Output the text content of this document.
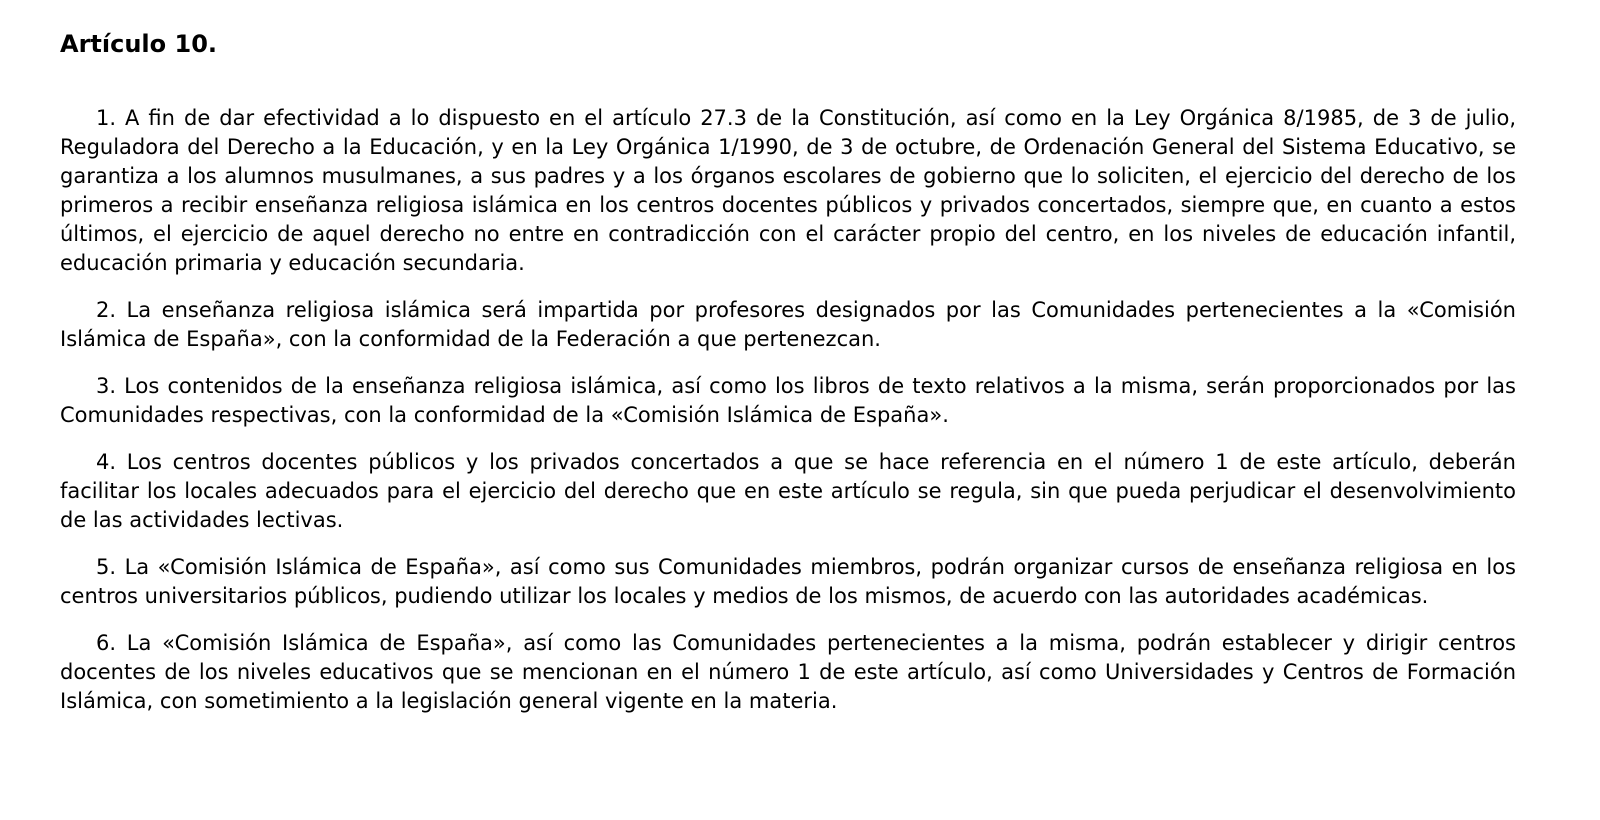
Artículo 10.

1. A fin de dar efectividad a lo dispuesto en el artículo 27.3 de la Constitución, así como en la Ley Orgánica 8/1985, de 3 de julio, Reguladora del Derecho a la Educación, y en la Ley Orgánica 1/1990, de 3 de octubre, de Ordenación General del Sistema Educativo, se garantiza a los alumnos musulmanes, a sus padres y a los órganos escolares de gobierno que lo soliciten, el ejercicio del derecho de los primeros a recibir enseñanza religiosa islámica en los centros docentes públicos y privados concertados, siempre que, en cuanto a estos últimos, el ejercicio de aquel derecho no entre en contradicción con el carácter propio del centro, en los niveles de educación infantil, educación primaria y educación secundaria.

2. La enseñanza religiosa islámica será impartida por profesores designados por las Comunidades pertenecientes a la «Comisión Islámica de España», con la conformidad de la Federación a que pertenezcan.

3. Los contenidos de la enseñanza religiosa islámica, así como los libros de texto relativos a la misma, serán proporcionados por las Comunidades respectivas, con la conformidad de la «Comisión Islámica de España».

4. Los centros docentes públicos y los privados concertados a que se hace referencia en el número 1 de este artículo, deberán facilitar los locales adecuados para el ejercicio del derecho que en este artículo se regula, sin que pueda perjudicar el desenvolvimiento de las actividades lectivas.

5. La «Comisión Islámica de España», así como sus Comunidades miembros, podrán organizar cursos de enseñanza religiosa en los centros universitarios públicos, pudiendo utilizar los locales y medios de los mismos, de acuerdo con las autoridades académicas.

6. La «Comisión Islámica de España», así como las Comunidades pertenecientes a la misma, podrán establecer y dirigir centros docentes de los niveles educativos que se mencionan en el número 1 de este artículo, así como Universidades y Centros de Formación Islámica, con sometimiento a la legislación general vigente en la materia.
